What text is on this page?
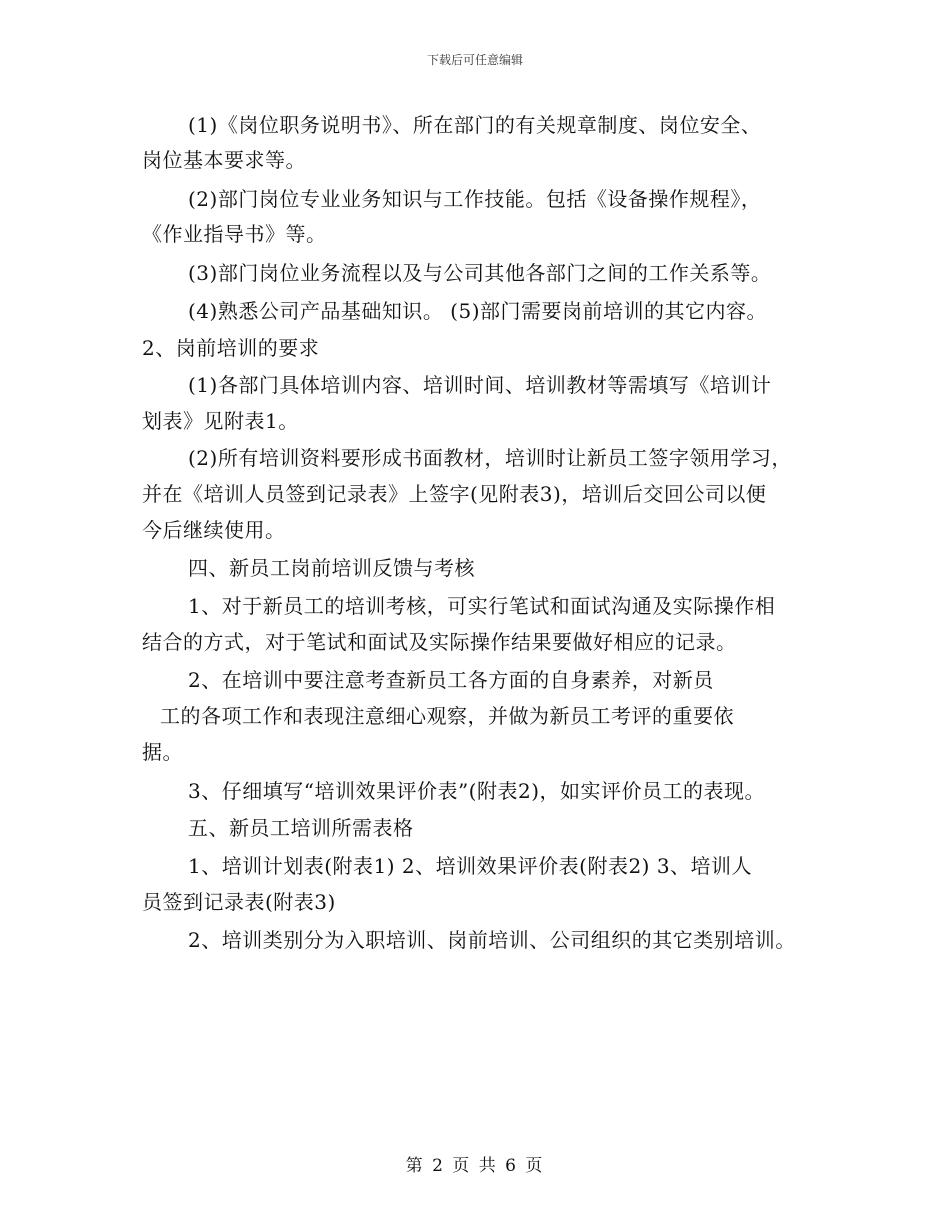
下载后可任意编辑
(1)《岗位职务说明书》、所在部门的有关规章制度、岗位安全、
岗位基本要求等。
(2)部门岗位专业业务知识与工作技能。包括《设备操作规程》，
《作业指导书》等。
(3)部门岗位业务流程以及与公司其他各部门之间的工作关系等。
(4)熟悉公司产品基础知识。 (5)部门需要岗前培训的其它内容。
2、岗前培训的要求
(1)各部门具体培训内容、培训时间、培训教材等需填写《培训计
划表》见附表1。
(2)所有培训资料要形成书面教材，培训时让新员工签字领用学习，
并在《培训人员签到记录表》上签字(见附表3)，培训后交回公司以便
今后继续使用。
四、新员工岗前培训反馈与考核
1、对于新员工的培训考核，可实行笔试和面试沟通及实际操作相
结合的方式，对于笔试和面试及实际操作结果要做好相应的记录。
2、在培训中要注意考查新员工各方面的自身素养，对新员
工的各项工作和表现注意细心观察，并做为新员工考评的重要依
据。
3、仔细填写“培训效果评价表”(附表2)，如实评价员工的表现。
五、新员工培训所需表格
1、培训计划表(附表1) 2、培训效果评价表(附表2) 3、培训人
员签到记录表(附表3)
2、培训类别分为入职培训、岗前培训、公司组织的其它类别培训。
第 2 页 共 6 页
